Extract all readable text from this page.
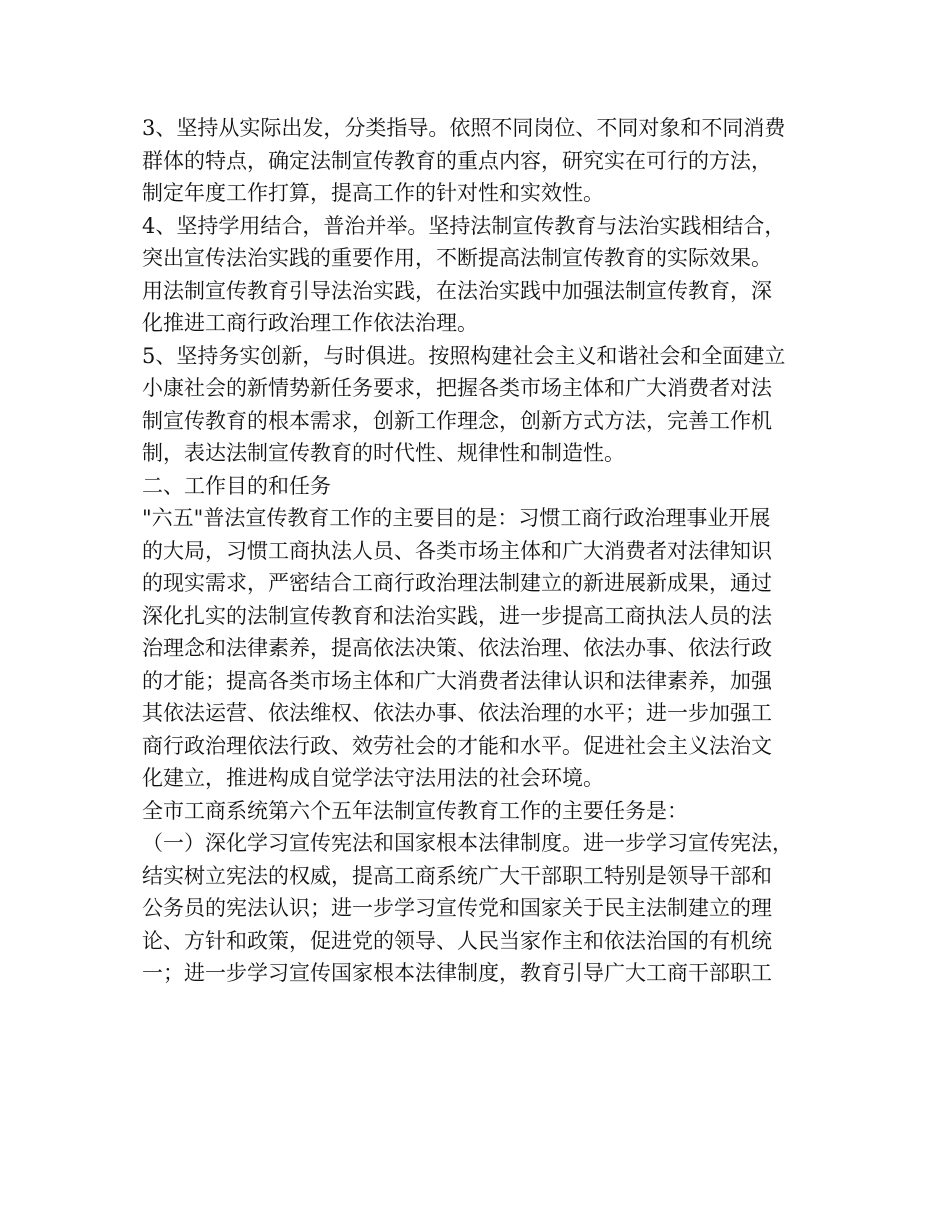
3、坚持从实际出发，分类指导。依照不同岗位、不同对象和不同消费
群体的特点，确定法制宣传教育的重点内容，研究实在可行的方法，
制定年度工作打算，提高工作的针对性和实效性。
4、坚持学用结合，普治并举。坚持法制宣传教育与法治实践相结合，
突出宣传法治实践的重要作用，不断提高法制宣传教育的实际效果。
用法制宣传教育引导法治实践，在法治实践中加强法制宣传教育，深
化推进工商行政治理工作依法治理。
5、坚持务实创新，与时俱进。按照构建社会主义和谐社会和全面建立
小康社会的新情势新任务要求，把握各类市场主体和广大消费者对法
制宣传教育的根本需求，创新工作理念，创新方式方法，完善工作机
制，表达法制宣传教育的时代性、规律性和制造性。
二、工作目的和任务
"六五"普法宣传教育工作的主要目的是：习惯工商行政治理事业开展
的大局，习惯工商执法人员、各类市场主体和广大消费者对法律知识
的现实需求，严密结合工商行政治理法制建立的新进展新成果，通过
深化扎实的法制宣传教育和法治实践，进一步提高工商执法人员的法
治理念和法律素养，提高依法决策、依法治理、依法办事、依法行政
的才能；提高各类市场主体和广大消费者法律认识和法律素养，加强
其依法运营、依法维权、依法办事、依法治理的水平；进一步加强工
商行政治理依法行政、效劳社会的才能和水平。促进社会主义法治文
化建立，推进构成自觉学法守法用法的社会环境。
全市工商系统第六个五年法制宣传教育工作的主要任务是：
（一）深化学习宣传宪法和国家根本法律制度。进一步学习宣传宪法，
结实树立宪法的权威，提高工商系统广大干部职工特别是领导干部和
公务员的宪法认识；进一步学习宣传党和国家关于民主法制建立的理
论、方针和政策，促进党的领导、人民当家作主和依法治国的有机统
一；进一步学习宣传国家根本法律制度，教育引导广大工商干部职工
